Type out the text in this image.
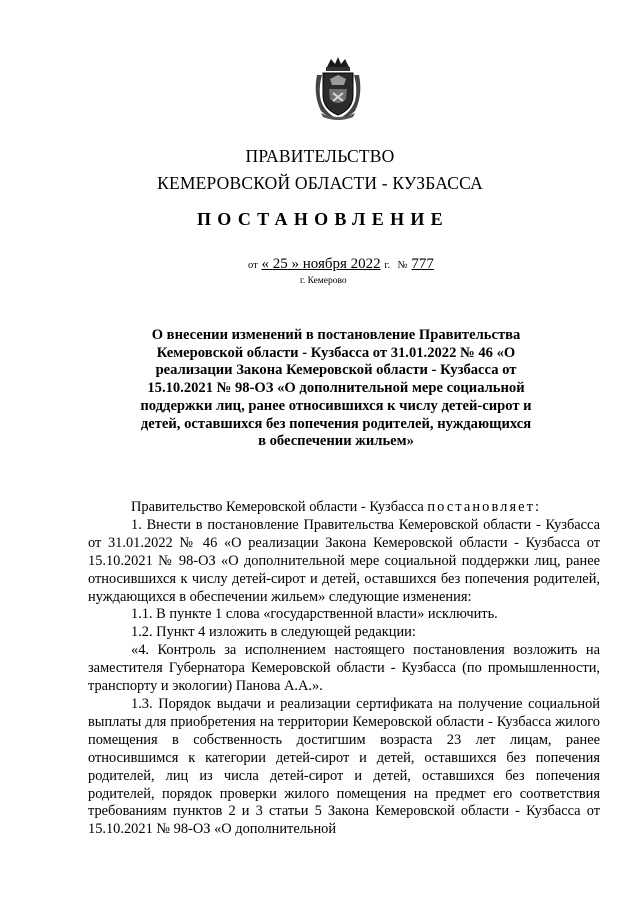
ПРАВИТЕЛЬСТВО
КЕМЕРОВСКОЙ ОБЛАСТИ - КУЗБАССА
ПОСТАНОВЛЕНИЕ
от « 25 » ноября 2022 г. № 777
г. Кемерово
О внесении изменений в постановление Правительства Кемеровской области - Кузбасса от 31.01.2022 № 46 «О реализации Закона Кемеровской области - Кузбасса от 15.10.2021 № 98-ОЗ «О дополнительной мере социальной поддержки лиц, ранее относившихся к числу детей-сирот и детей, оставшихся без попечения родителей, нуждающихся в обеспечении жильем»

Правительство Кемеровской области - Кузбасса постановляет:

1. Внести в постановление Правительства Кемеровской области - Кузбасса от 31.01.2022 № 46 «О реализации Закона Кемеровской области - Кузбасса от 15.10.2021 № 98-ОЗ «О дополнительной мере социальной поддержки лиц, ранее относившихся к числу детей-сирот и детей, оставшихся без попечения родителей, нуждающихся в обеспечении жильем» следующие изменения:

1.1. В пункте 1 слова «государственной власти» исключить.

1.2. Пункт 4 изложить в следующей редакции:

«4. Контроль за исполнением настоящего постановления возложить на заместителя Губернатора Кемеровской области - Кузбасса (по промышленности, транспорту и экологии) Панова А.А.».

1.3. Порядок выдачи и реализации сертификата на получение социальной выплаты для приобретения на территории Кемеровской области - Кузбасса жилого помещения в собственность достигшим возраста 23 лет лицам, ранее относившимся к категории детей-сирот и детей, оставшихся без попечения родителей, лиц из числа детей-сирот и детей, оставшихся без попечения родителей, порядок проверки жилого помещения на предмет его соответствия требованиям пунктов 2 и 3 статьи 5 Закона Кемеровской области - Кузбасса от 15.10.2021 № 98-ОЗ «О дополнительной
